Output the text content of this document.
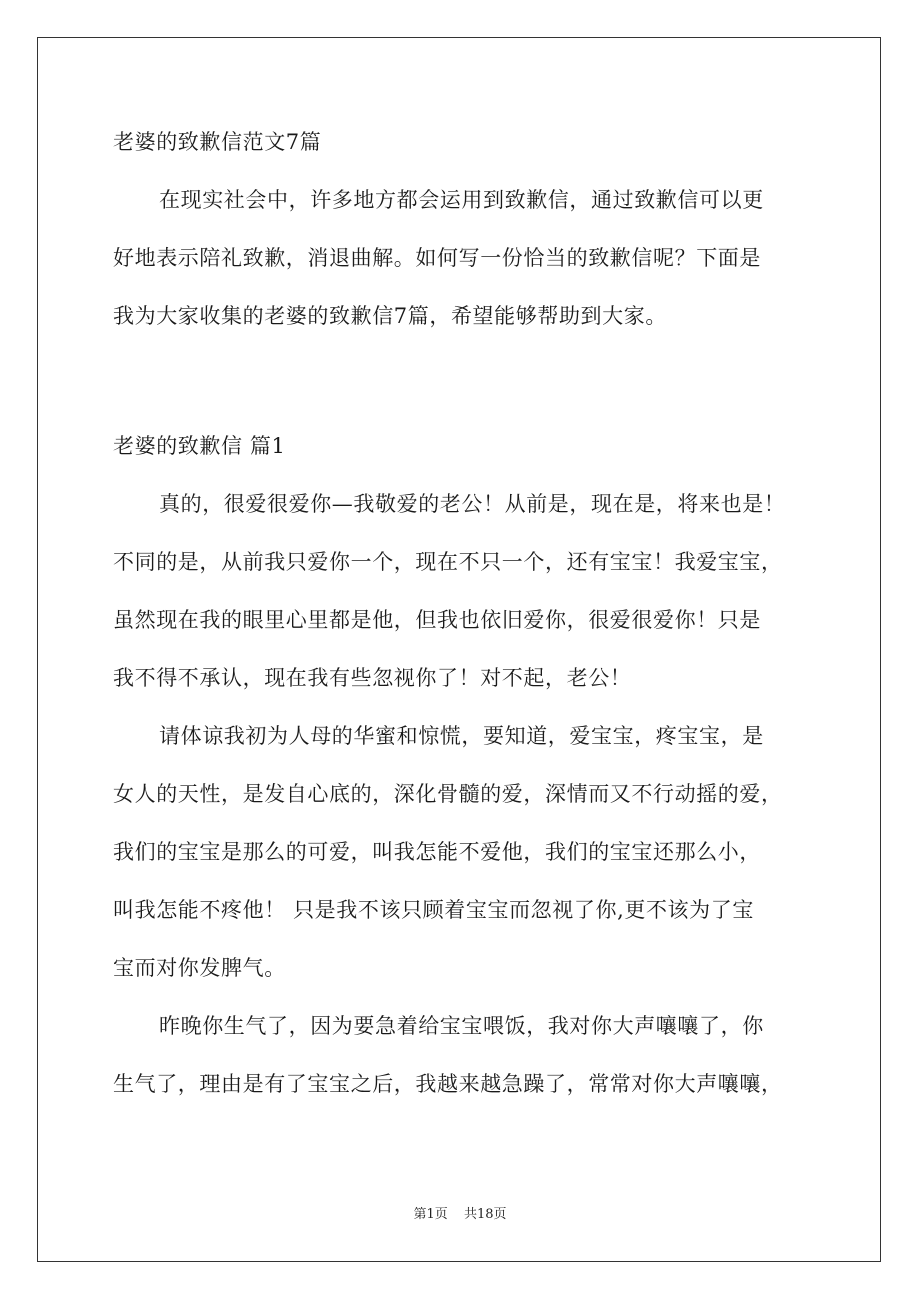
老婆的致歉信范文7篇
在现实社会中，许多地方都会运用到致歉信，通过致歉信可以更
好地表示陪礼致歉，消退曲解。如何写一份恰当的致歉信呢？下面是
我为大家收集的老婆的致歉信7篇，希望能够帮助到大家。
老婆的致歉信 篇1
真的，很爱很爱你—我敬爱的老公！从前是，现在是，将来也是！
不同的是，从前我只爱你一个，现在不只一个，还有宝宝！我爱宝宝，
虽然现在我的眼里心里都是他，但我也依旧爱你，很爱很爱你！只是
我不得不承认，现在我有些忽视你了！对不起，老公！
请体谅我初为人母的华蜜和惊慌，要知道，爱宝宝，疼宝宝，是
女人的天性，是发自心底的，深化骨髓的爱，深情而又不行动摇的爱，
我们的宝宝是那么的可爱，叫我怎能不爱他，我们的宝宝还那么小，
叫我怎能不疼他！ 只是我不该只顾着宝宝而忽视了你,更不该为了宝
宝而对你发脾气。
昨晚你生气了，因为要急着给宝宝喂饭，我对你大声嚷嚷了，你
生气了，理由是有了宝宝之后，我越来越急躁了，常常对你大声嚷嚷，
第1页 共18页
